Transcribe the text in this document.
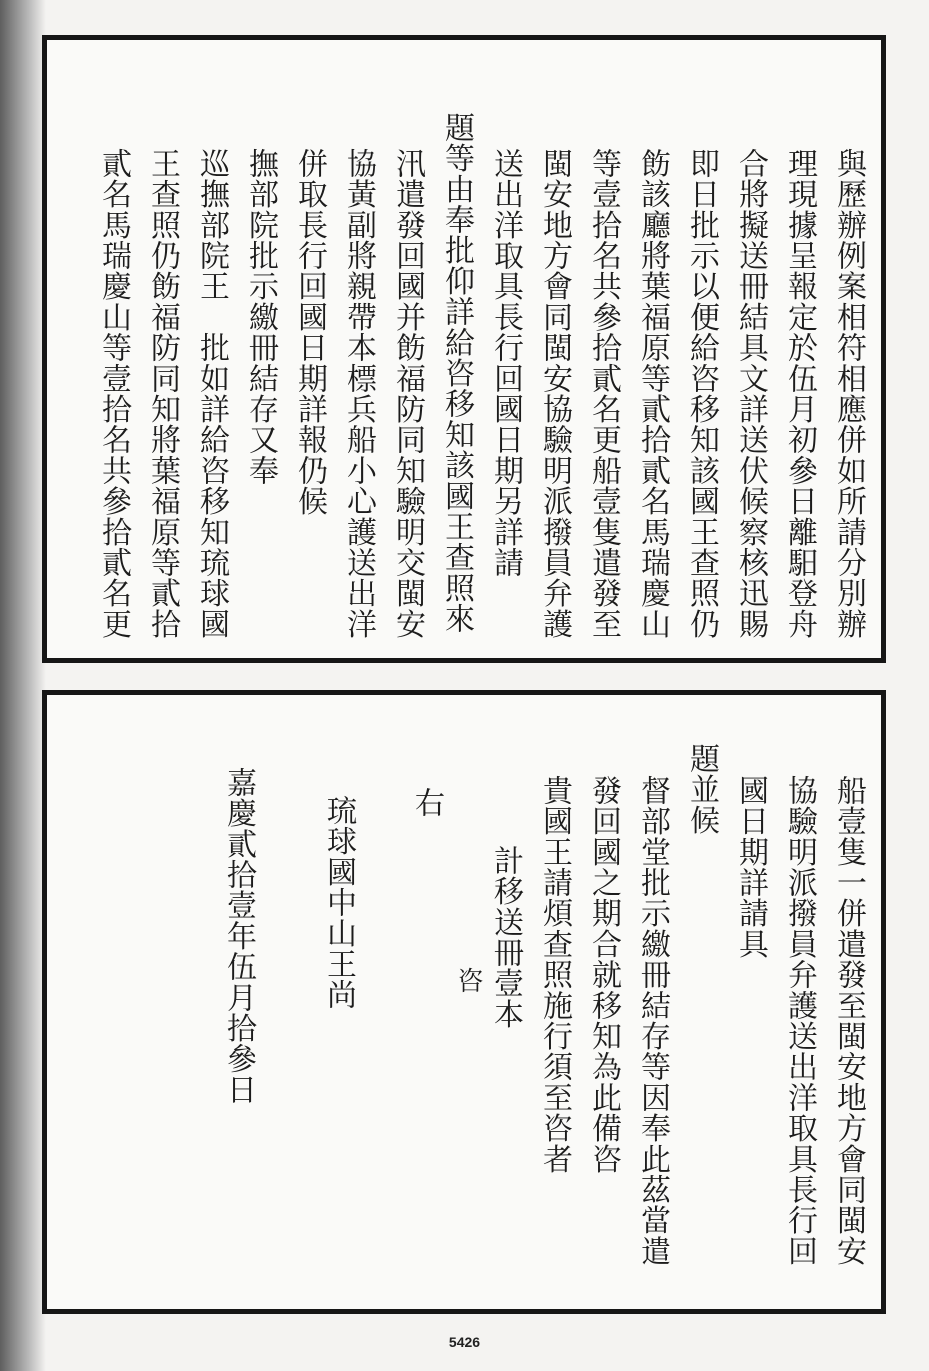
與歷辦例案相符相應併如所請分別辦
理現據呈報定於伍月初參日離馹登舟
合將擬送冊結具文詳送伏候察核迅賜
即日批示以便給咨移知該國王查照仍
飭該廳將葉福原等貳拾貳名馬瑞慶山
等壹拾名共參拾貳名更船壹隻遣發至
閩安地方會同閩安協驗明派撥員弁護
送出洋取具長行回國日期另詳請
題等由奉批仰詳給咨移知該國王查照來
汛遣發回國并飭福防同知驗明交閩安
協黃副將親帶本標兵船小心護送出洋
併取長行回國日期詳報仍候
撫部院批示繳冊結存又奉
巡撫部院王　批如詳給咨移知琉球國
王查照仍飭福防同知將葉福原等貳拾
貳名馬瑞慶山等壹拾名共參拾貳名更
船壹隻一併遣發至閩安地方會同閩安
協驗明派撥員弁護送出洋取具長行回
國日期詳請具
題並候
督部堂批示繳冊結存等因奉此茲當遣
發回國之期合就移知為此備咨
貴國王請煩查照施行須至咨者
計移送冊壹本
咨
右
琉球國中山王尚
嘉慶貳拾壹年伍月拾參日
5426
